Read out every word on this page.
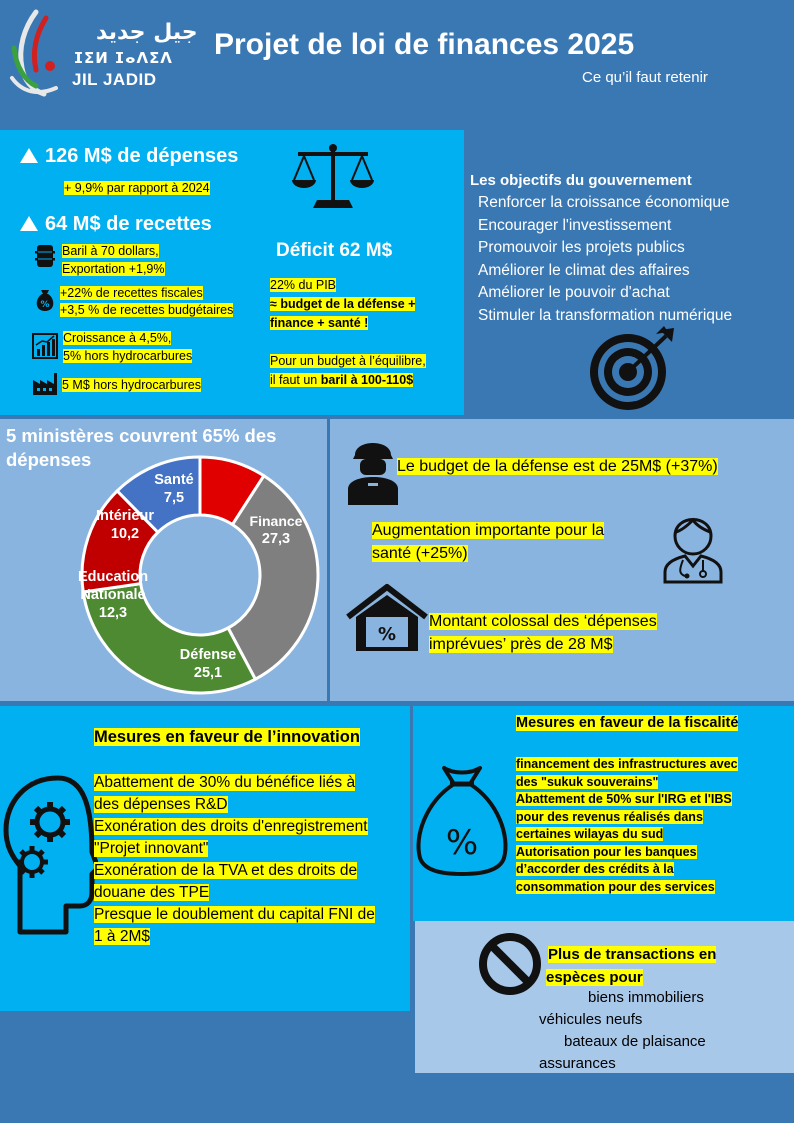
جيل جديد
ⵊⵉⵍ ⵊⴰⴷⵉⴷ
JIL JADID
Projet de loi de finances 2025
Ce qu’il faut retenir
126 M$ de dépenses
+ 9,9% par rapport à 2024
64 M$ de recettes
Baril à 70 dollars,
Exportation +1,9%
%
+22% de recettes fiscales
+3,5 % de recettes budgétaires
Croissance à 4,5%,
5% hors hydrocarbures
5 M$ hors hydrocarbures
Déficit 62 M$
22% du PIB
≈ budget de la défense +
finance + santé !
Pour un budget à l’équilibre,
il faut un baril à 100-110$
Les objectifs du gouvernement
Renforcer la croissance économique
Encourager l'investissement
Promouvoir les projets publics
Améliorer le climat des affaires
Améliorer le pouvoir d'achat
Stimuler la transformation numérique
5 ministères couvrent 65% des dépenses
Santé
7,5
Finance
27,3
Défense
25,1
Education Nationale
12,3
Intérieur
10,2
Le budget de la défense est de 25M$ (+37%)
Augmentation importante pour la
santé (+25%)
%
Montant colossal des ‘dépenses
imprévues’ près de 28 M$
Mesures en faveur de l’innovation
Abattement de 30% du bénéfice liés à
des dépenses R&D
Exonération des droits d'enregistrement
"Projet innovant"
Exonération de la TVA et des droits de
douane des TPE
Presque le doublement du capital FNI de
1 à 2M$
Mesures en faveur de la fiscalité
%
financement des infrastructures avec
des "sukuk souverains"
Abattement de 50% sur l'IRG et l'IBS
pour des revenus réalisés dans
certaines wilayas du sud
Autorisation pour les banques
d’accorder des crédits à la
consommation pour des services
Plus de transactions en
espèces pour
biens immobiliers
véhicules neufs
bateaux de plaisance
assurances
